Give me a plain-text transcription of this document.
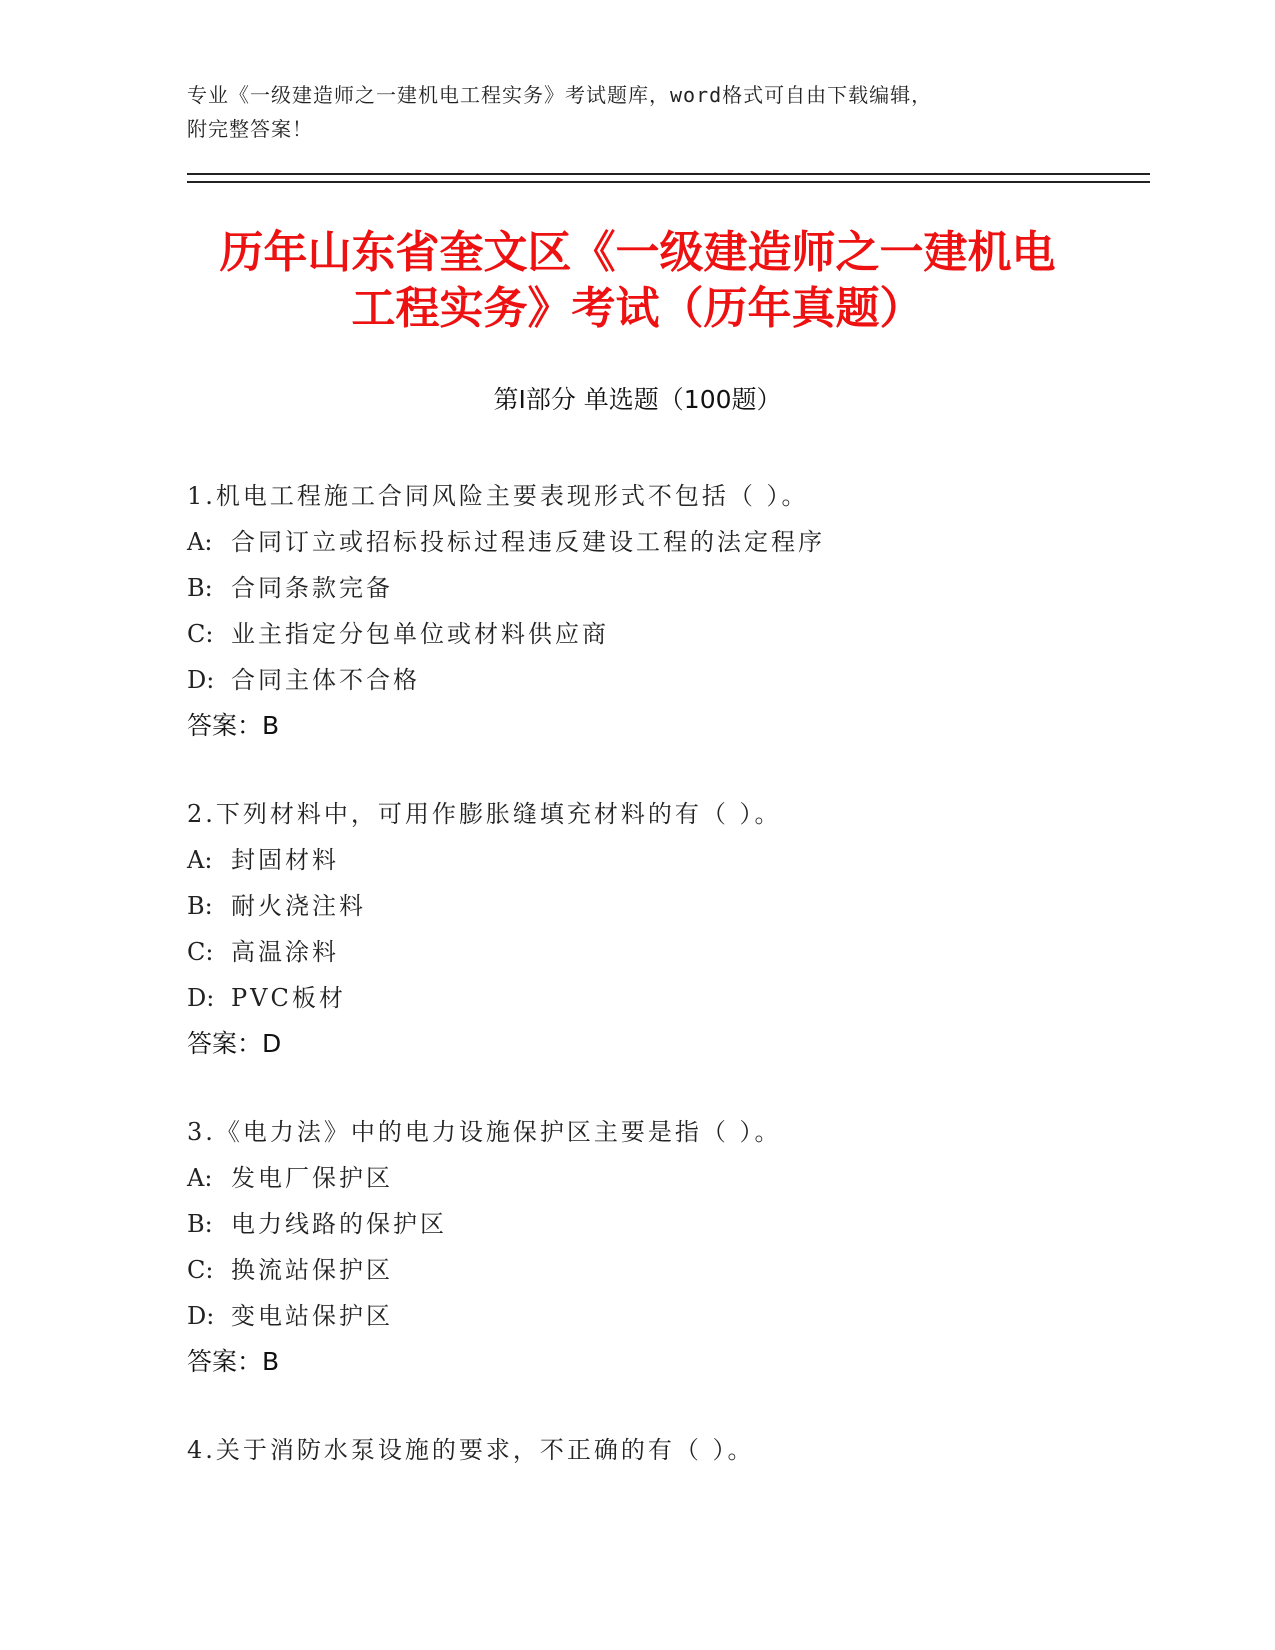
专业《一级建造师之一建机电工程实务》考试题库，word格式可自由下载编辑，
附完整答案！
历年山东省奎文区《一级建造师之一建机电
工程实务》考试（历年真题）
第Ⅰ部分 单选题（100题）
1.机电工程施工合同风险主要表现形式不包括（ ）。
A: 合同订立或招标投标过程违反建设工程的法定程序
B: 合同条款完备
C: 业主指定分包单位或材料供应商
D: 合同主体不合格
答案：B
2.下列材料中，可用作膨胀缝填充材料的有（ ）。
A: 封固材料
B: 耐火浇注料
C: 高温涂料
D: PVC板材
答案：D
3.《电力法》中的电力设施保护区主要是指（ ）。
A: 发电厂保护区
B: 电力线路的保护区
C: 换流站保护区
D: 变电站保护区
答案：B
4.关于消防水泵设施的要求，不正确的有（ ）。
